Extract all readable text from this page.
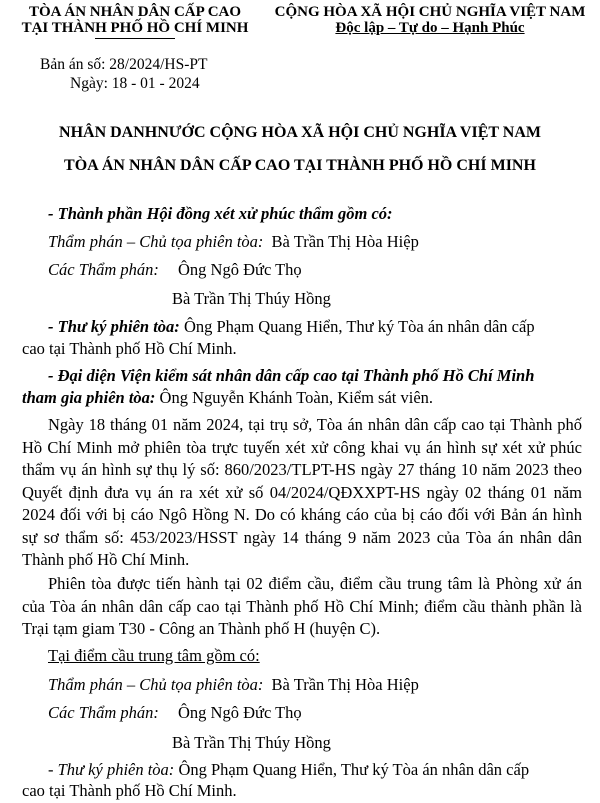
TÒA ÁN NHÂN DÂN CẤP CAO
TẠI THÀNH PHỐ HỒ CHÍ MINH
CỘNG HÒA XÃ HỘI CHỦ NGHĨA VIỆT NAM
Độc lập – Tự do – Hạnh Phúc
Bản án số: 28/2024/HS-PT
Ngày: 18 - 01 - 2024
NHÂN DANHNƯỚC CỘNG HÒA XÃ HỘI CHỦ NGHĨA VIỆT NAM
TÒA ÁN NHÂN DÂN CẤP CAO TẠI THÀNH PHỐ HỒ CHÍ MINH
- Thành phần Hội đồng xét xử phúc thẩm gồm có:
Thẩm phán – Chủ tọa phiên tòa: Bà Trần Thị Hòa Hiệp
Các Thẩm phán: Ông Ngô Đức Thọ
Bà Trần Thị Thúy Hồng
- Thư ký phiên tòa: Ông Phạm Quang Hiển, Thư ký Tòa án nhân dân cấp
cao tại Thành phố Hồ Chí Minh.
- Đại diện Viện kiểm sát nhân dân cấp cao tại Thành phố Hồ Chí Minh
tham gia phiên tòa: Ông Nguyễn Khánh Toàn, Kiểm sát viên.
Ngày 18 tháng 01 năm 2024, tại trụ sở, Tòa án nhân dân cấp cao tại Thành phố Hồ Chí Minh mở phiên tòa trực tuyến xét xử công khai vụ án hình sự xét xử phúc thẩm vụ án hình sự thụ lý số: 860/2023/TLPT-HS ngày 27 tháng 10 năm 2023 theo Quyết định đưa vụ án ra xét xử số 04/2024/QĐXXPT-HS ngày 02 tháng 01 năm 2024 đối với bị cáo Ngô Hồng N. Do có kháng cáo của bị cáo đối với Bản án hình sự sơ thẩm số: 453/2023/HSST ngày 14 tháng 9 năm 2023 của Tòa án nhân dân Thành phố Hồ Chí Minh.
Phiên tòa được tiến hành tại 02 điểm cầu, điểm cầu trung tâm là Phòng xử án của Tòa án nhân dân cấp cao tại Thành phố Hồ Chí Minh; điểm cầu thành phần là Trại tạm giam T30 - Công an Thành phố H (huyện C).
Tại điểm cầu trung tâm gồm có:
Thẩm phán – Chủ tọa phiên tòa: Bà Trần Thị Hòa Hiệp
Các Thẩm phán: Ông Ngô Đức Thọ
Bà Trần Thị Thúy Hồng
- Thư ký phiên tòa: Ông Phạm Quang Hiển, Thư ký Tòa án nhân dân cấp
cao tại Thành phố Hồ Chí Minh.
